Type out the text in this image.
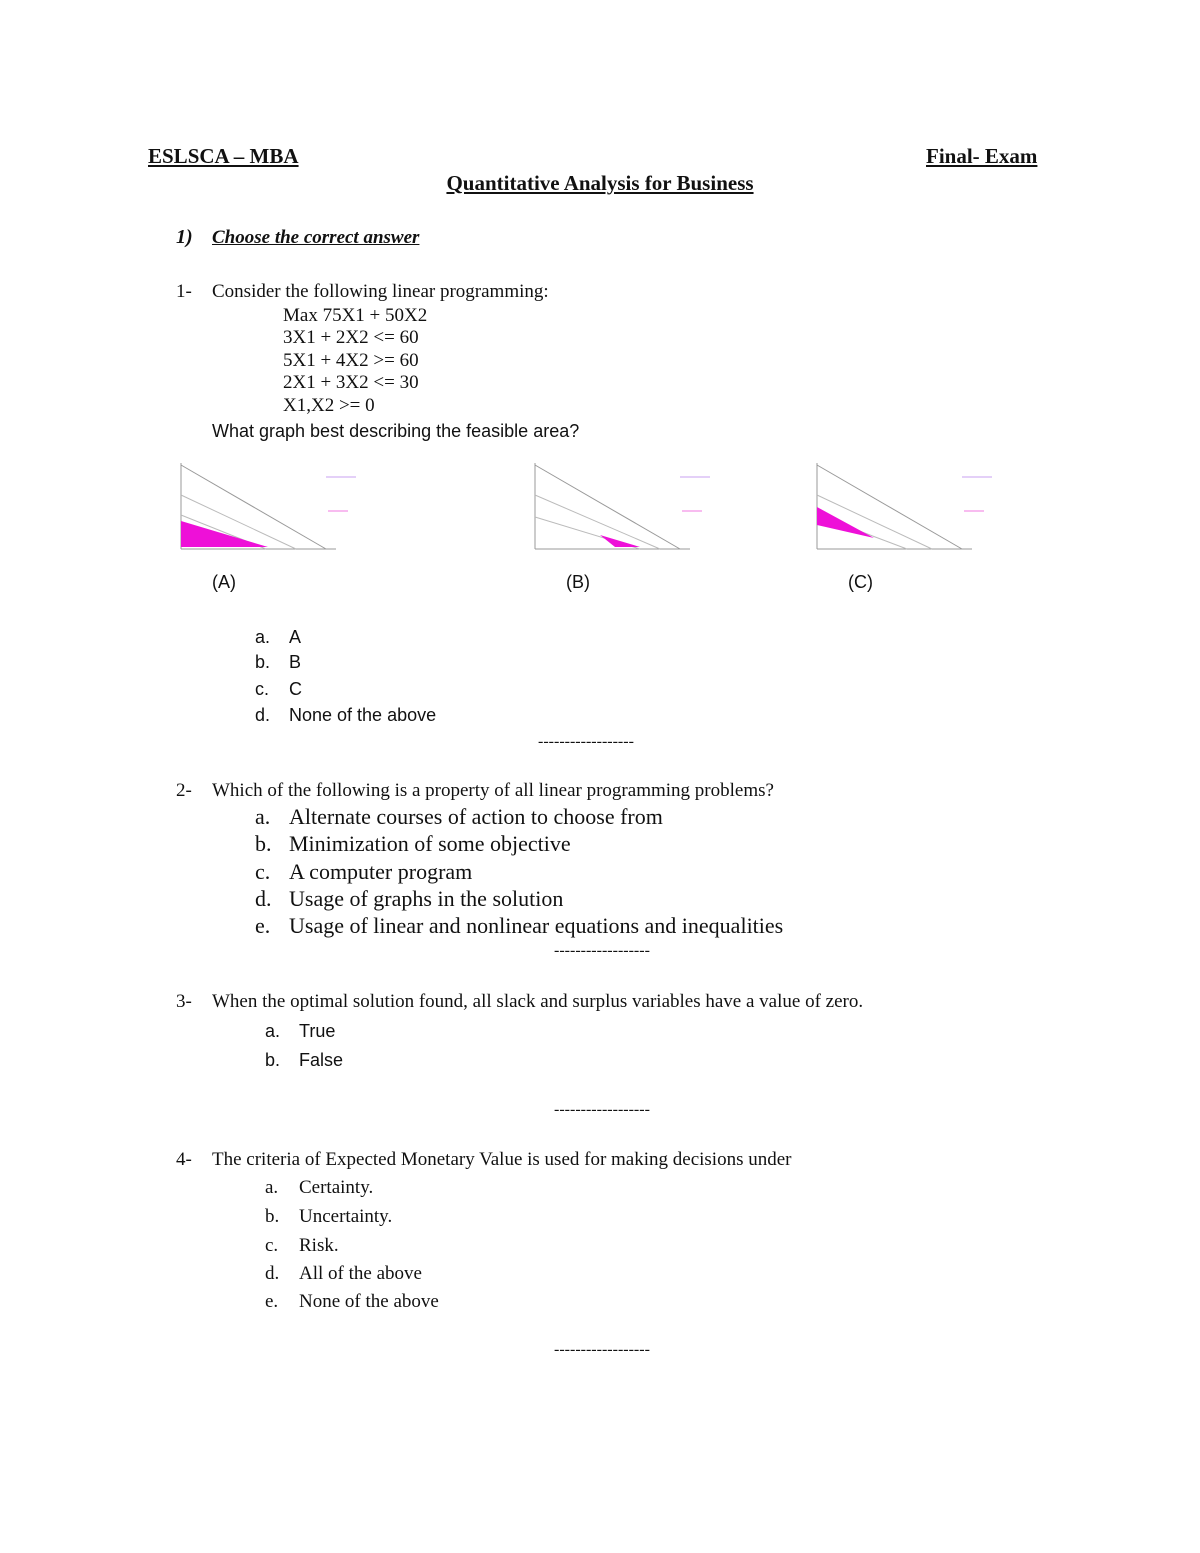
ESLSCA – MBA	Final- Exam
Quantitative Analysis for Business
1) Choose the correct answer
1- Consider the following linear programming:
Max 75X1 + 50X2
3X1 + 2X2 <= 60
5X1 + 4X2 >= 60
2X1 + 3X2 <= 30
X1,X2 >= 0
What graph best describing the feasible area?
(A)	(B)	(C)
a. A
b. B
c. C
d. None of the above
------------------
2- Which of the following is a property of all linear programming problems?
a. Alternate courses of action to choose from
b. Minimization of some objective
c. A computer program
d. Usage of graphs in the solution
e. Usage of linear and nonlinear equations and inequalities
------------------
3- When the optimal solution found, all slack and surplus variables have a value of zero.
a. True
b. False
------------------
4- The criteria of Expected Monetary Value is used for making decisions under
a. Certainty.
b. Uncertainty.
c. Risk.
d. All of the above
e. None of the above
------------------
